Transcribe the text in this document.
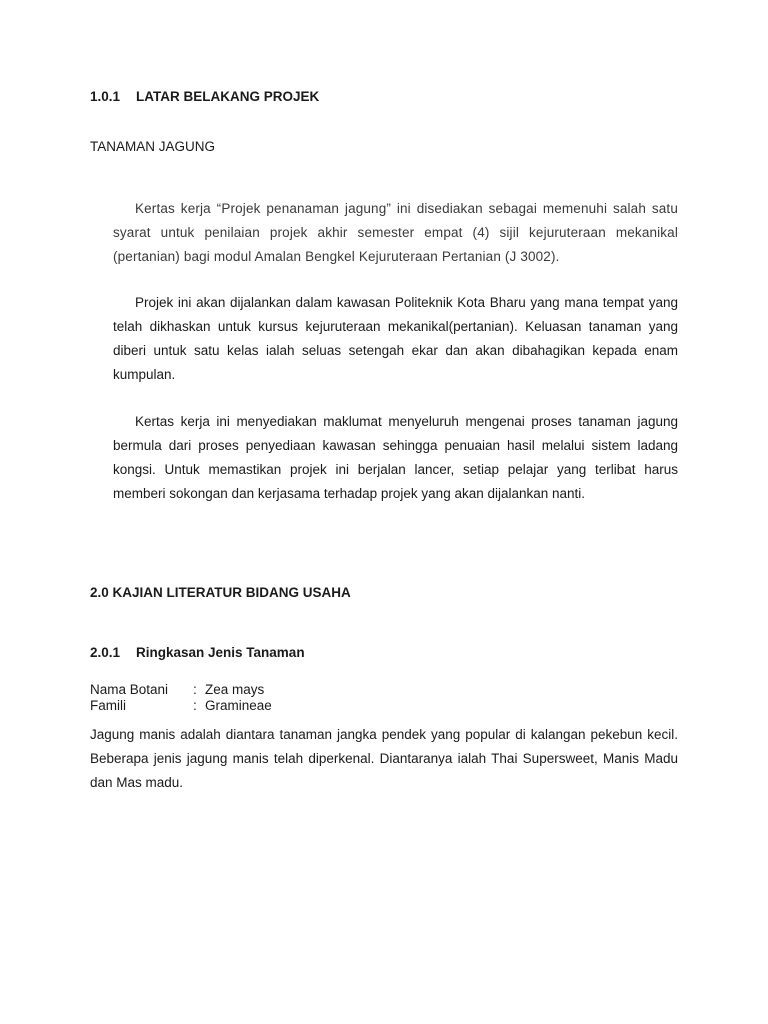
1.0.1 LATAR BELAKANG PROJEK

TANAMAN JAGUNG

Kertas kerja “Projek penanaman jagung” ini disediakan sebagai memenuhi salah satu syarat untuk penilaian projek akhir semester empat (4) sijil kejuruteraan mekanikal (pertanian) bagi modul Amalan Bengkel Kejuruteraan Pertanian (J 3002).

Projek ini akan dijalankan dalam kawasan Politeknik Kota Bharu yang mana tempat yang telah dikhaskan untuk kursus kejuruteraan mekanikal(pertanian). Keluasan tanaman yang diberi untuk satu kelas ialah seluas setengah ekar dan akan dibahagikan kepada enam kumpulan.

Kertas kerja ini menyediakan maklumat menyeluruh mengenai proses tanaman jagung bermula dari proses penyediaan kawasan sehingga penuaian hasil melalui sistem ladang kongsi. Untuk memastikan projek ini berjalan lancer, setiap pelajar yang terlibat harus memberi sokongan dan kerjasama terhadap projek yang akan dijalankan nanti.

2.0 KAJIAN LITERATUR BIDANG USAHA
2.0.1 Ringkasan Jenis Tanaman

Nama Botani : Zea mays

Famili	: Gramineae

Jagung manis adalah diantara tanaman jangka pendek yang popular di kalangan pekebun kecil. Beberapa jenis jagung manis telah diperkenal. Diantaranya ialah Thai Supersweet, Manis Madu dan Mas madu.
